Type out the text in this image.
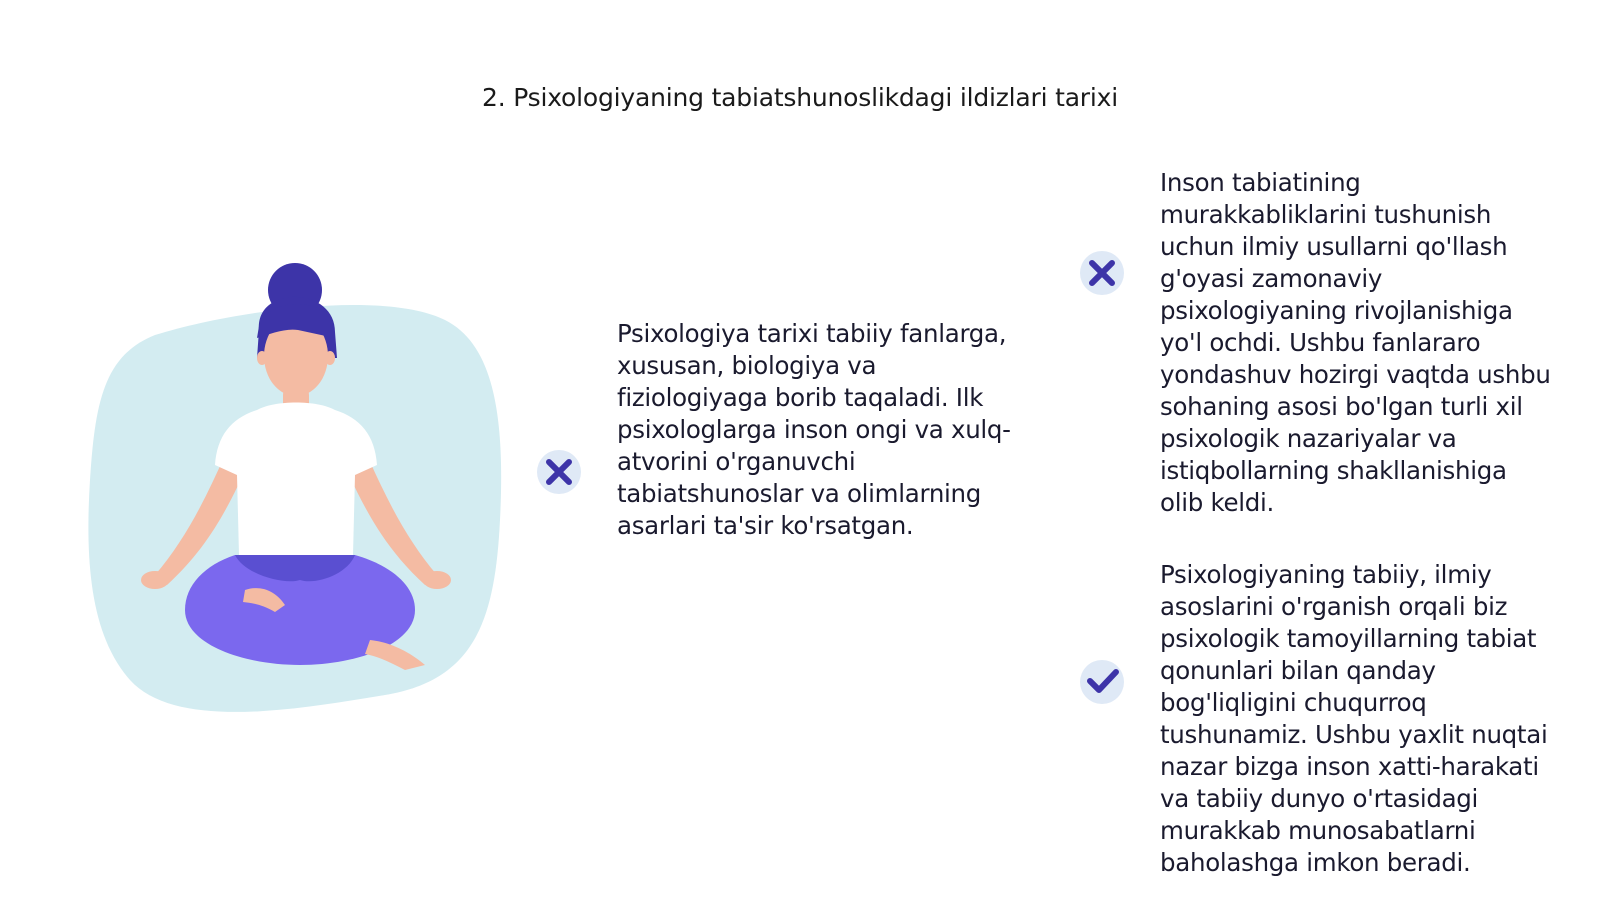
2. Psixologiyaning tabiatshunoslikdagi ildizlari tarixi
Psixologiya tarixi tabiiy fanlarga,
xususan, biologiya va
fiziologiyaga borib taqaladi. Ilk
psixologlarga inson ongi va xulq-
atvorini o'rganuvchi
tabiatshunoslar va olimlarning
asarlari ta'sir ko'rsatgan.
Inson tabiatining
murakkabliklarini tushunish
uchun ilmiy usullarni qo'llash
g'oyasi zamonaviy
psixologiyaning rivojlanishiga
yo'l ochdi. Ushbu fanlararo
yondashuv hozirgi vaqtda ushbu
sohaning asosi bo'lgan turli xil
psixologik nazariyalar va
istiqbollarning shakllanishiga
olib keldi.
Psixologiyaning tabiiy, ilmiy
asoslarini o'rganish orqali biz
psixologik tamoyillarning tabiat
qonunlari bilan qanday
bog'liqligini chuqurroq
tushunamiz. Ushbu yaxlit nuqtai
nazar bizga inson xatti-harakati
va tabiiy dunyo o'rtasidagi
murakkab munosabatlarni
baholashga imkon beradi.
